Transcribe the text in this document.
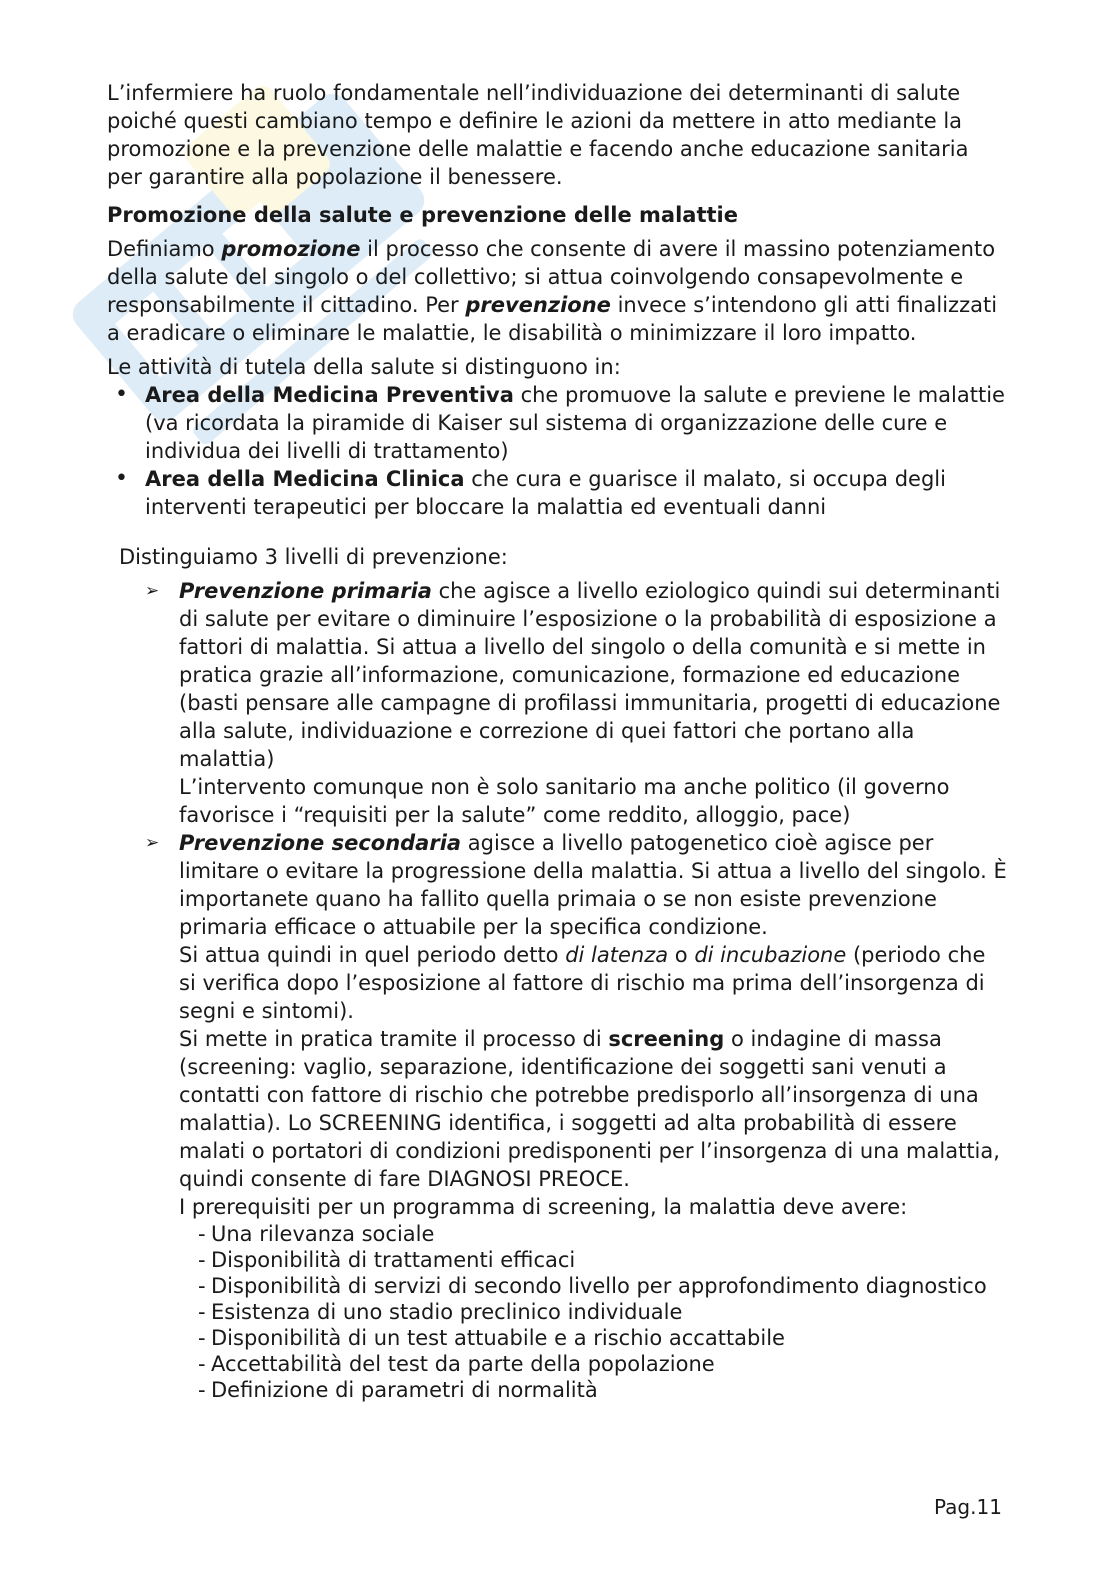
L’infermiere ha ruolo fondamentale nell’individuazione dei determinanti di salute poiché questi cambiano tempo e definire le azioni da mettere in atto mediante la promozione e la prevenzione delle malattie e facendo anche educazione sanitaria per garantire alla popolazione il benessere.

Promozione della salute e prevenzione delle malattie

Definiamo promozione il processo che consente di avere il massino potenziamento della salute del singolo o del collettivo; si attua coinvolgendo consapevolmente e responsabilmente il cittadino. Per prevenzione invece s’intendono gli atti finalizzati a eradicare o eliminare le malattie, le disabilità o minimizzare il loro impatto.

Le attività di tutela della salute si distinguono in:

• Area della Medicina Preventiva che promuove la salute e previene le malattie (va ricordata la piramide di Kaiser sul sistema di organizzazione delle cure e individua dei livelli di trattamento)
• Area della Medicina Clinica che cura e guarisce il malato, si occupa degli interventi terapeutici per bloccare la malattia ed eventuali danni

Distinguiamo 3 livelli di prevenzione:

➢ Prevenzione primaria che agisce a livello eziologico quindi sui determinanti di salute per evitare o diminuire l’esposizione o la probabilità di esposizione a fattori di malattia. Si attua a livello del singolo o della comunità e si mette in pratica grazie all’informazione, comunicazione, formazione ed educazione (basti pensare alle campagne di profilassi immunitaria, progetti di educazione alla salute, individuazione e correzione di quei fattori che portano alla malattia)

L’intervento comunque non è solo sanitario ma anche politico (il governo favorisce i “requisiti per la salute” come reddito, alloggio, pace)

➢ Prevenzione secondaria agisce a livello patogenetico cioè agisce per limitare o evitare la progressione della malattia. Si attua a livello del singolo. È importanete quano ha fallito quella primaia o se non esiste prevenzione primaria efficace o attuabile per la specifica condizione.

Si attua quindi in quel periodo detto di latenza o di incubazione (periodo che si verifica dopo l’esposizione al fattore di rischio ma prima dell’insorgenza di segni e sintomi).

Si mette in pratica tramite il processo di screening o indagine di massa (screening: vaglio, separazione, identificazione dei soggetti sani venuti a contatti con fattore di rischio che potrebbe predisporlo all’insorgenza di una malattia). Lo SCREENING identifica, i soggetti ad alta probabilità di essere malati o portatori di condizioni predisponenti per l’insorgenza di una malattia, quindi consente di fare DIAGNOSI PREOCE.

I prerequisiti per un programma di screening, la malattia deve avere:

- Una rilevanza sociale
- Disponibilità di trattamenti efficaci
- Disponibilità di servizi di secondo livello per approfondimento diagnostico
- Esistenza di uno stadio preclinico individuale
- Disponibilità di un test attuabile e a rischio accattabile
- Accettabilità del test da parte della popolazione
- Definizione di parametri di normalità
Pag.11
